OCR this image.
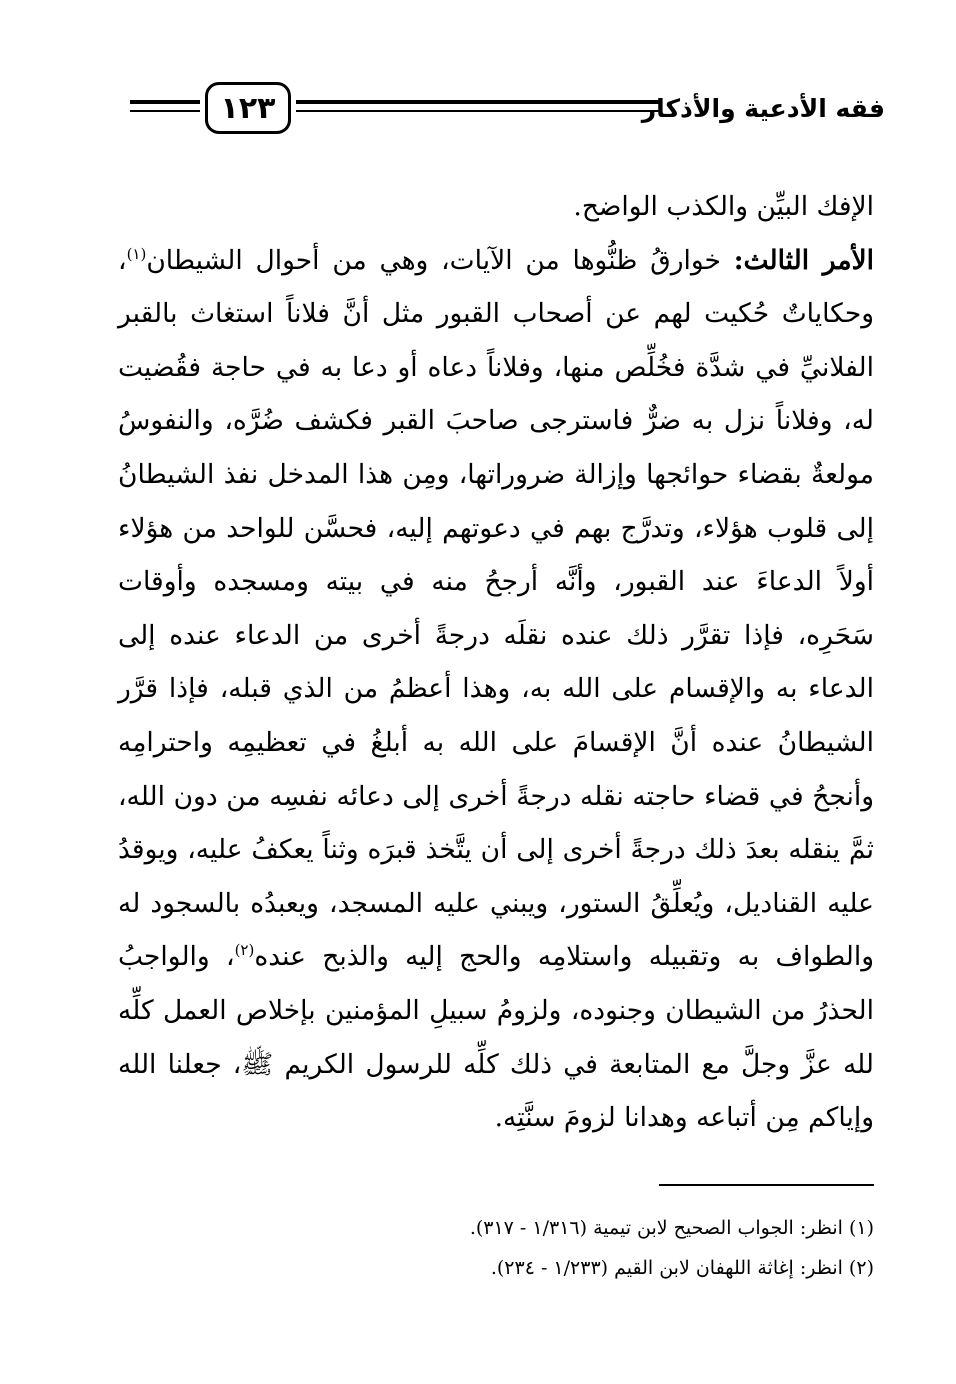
١٢٣	فقه الأدعية والأذكار

الإفك البيِّن والكذب الواضح.

الأمر الثالث: خوارقُ ظنُّوها من الآيات، وهي من أحوال الشيطان$^{(١)}$، وحكاياتٌ حُكيت لهم عن أصحاب القبور مثل أنَّ فلاناً استغاث بالقبر الفلانيِّ في شدَّة فخُلِّص منها، وفلاناً دعاه أو دعا به في حاجة فقُضيت له، وفلاناً نزل به ضرٌّ فاسترجى صاحبَ القبر فكشف ضُرَّه، والنفوسُ مولعةٌ بقضاء حوائجها وإزالة ضروراتها، ومِن هذا المدخل نفذ الشيطانُ إلى قلوب هؤلاء، وتدرَّج بهم في دعوتهم إليه، فحسَّن للواحد من هؤلاء أولاً الدعاءَ عند القبور، وأنَّه أرجحُ منه في بيته ومسجده وأوقات سَحَرِه، فإذا تقرَّر ذلك عنده نقلَه درجةً أخرى من الدعاء عنده إلى الدعاء به والإقسام على الله به، وهذا أعظمُ من الذي قبله، فإذا قرَّر الشيطانُ عنده أنَّ الإقسامَ على الله به أبلغُ في تعظيمِه واحترامِه وأنجحُ في قضاء حاجته نقله درجةً أخرى إلى دعائه نفسِه من دون الله، ثمَّ ينقله بعدَ ذلك درجةً أخرى إلى أن يتَّخذ قبرَه وثناً يعكفُ عليه، ويوقدُ عليه القناديل، ويُعلِّقُ الستور، ويبني عليه المسجد، ويعبدُه بالسجود له والطواف به وتقبيله واستلامِه والحج إليه والذبح عنده$^{(٢)}$، والواجبُ الحذرُ من الشيطان وجنوده، ولزومُ سبيلِ المؤمنين بإخلاص العمل كلِّه لله عزَّ وجلَّ مع المتابعة في ذلك كلِّه للرسول الكريم ﷺ، جعلنا الله وإياكم مِن أتباعه وهدانا لزومَ سنَّتِه.

(١) انظر: الجواب الصحيح لابن تيمية (١/٣١٦ - ٣١٧).

(٢) انظر: إغاثة اللهفان لابن القيم (١/٢٣٣ - ٢٣٤).
